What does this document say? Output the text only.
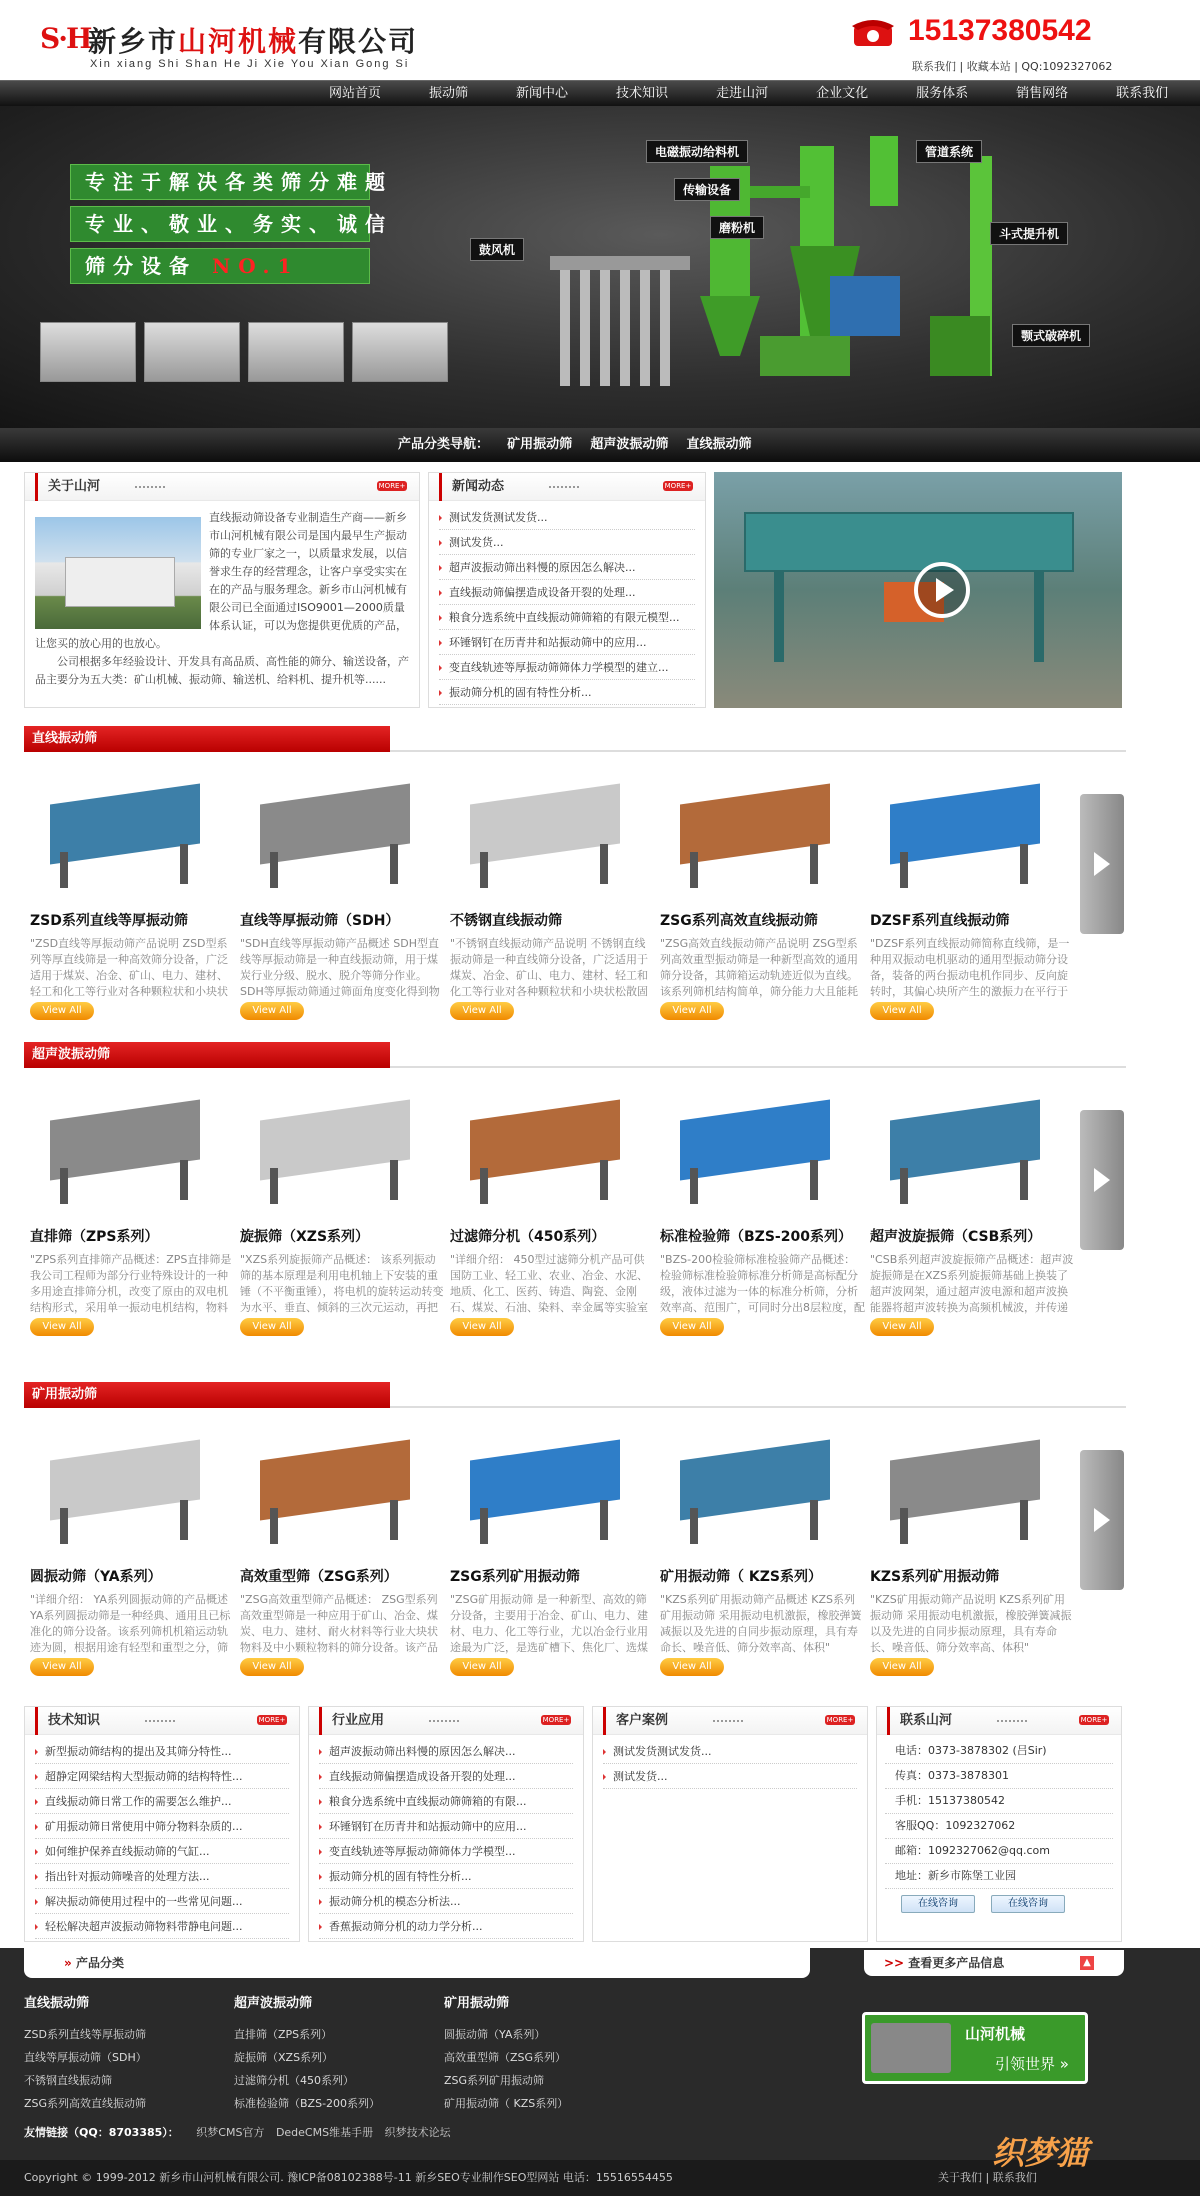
S·H
新乡市山河机械有限公司
Xin xiang Shi Shan He Ji Xie You Xian Gong Si
15137380542
联系我们 | 收藏本站 | QQ:1092327062
网站首页	振动筛	新闻中心	技术知识	走进山河	企业文化	服务体系	销售网络	联系我们
专注于解决各类筛分难题
专业、敬业、务实、诚信
筛分设备 NO.1
电磁振动给料机	管道系统
传输设备
磨粉机
鼓风机
斗式提升机
颚式破碎机
产品分类导航： 矿用振动筛 超声波振动筛 直线振动筛
关于山河	MORE+
直线振动筛设备专业制造生产商——新乡市山河机械有限公司是国内最早生产振动筛的专业厂家之一，以质量求发展，以信誉求生存的经营理念，让客户享受实实在在的产品与服务理念。新乡市山河机械有限公司已全面通过ISO9001—2000质量体系认证，可以为您提供更优质的产品，让您买的放心用的也放心。
公司根据多年经验设计、开发具有高品质、高性能的筛分、输送设备，产品主要分为五大类：矿山机械、振动筛、输送机、给料机、提升机等......
新闻动态	MORE+
测试发货测试发货...
测试发货...
超声波振动筛出料慢的原因怎么解决...
直线振动筛偏摆造成设备开裂的处理...
粮食分选系统中直线振动筛筛箱的有限元模型...
环锤钢钉在历青井和站振动筛中的应用...
变直线轨迹等厚振动筛筛体力学模型的建立...
振动筛分机的固有特性分析...
直线振动筛
超声波振动筛
矿用振动筛
ZSD系列直线等厚振动筛
"ZSD直线等厚振动筛产品说明 ZSD型系列等厚直线筛是一种高效筛分设备，广泛适用于煤炭、冶金、矿山、电力、建材、轻工和化工等行业对各种颗粒状和小块状
View All
直线等厚振动筛（SDH）
"SDH直线等厚振动筛产品概述 SDH型直线等厚振动筛是一种直线振动筛，用于煤炭行业分级、脱水、脱介等筛分作业。SDH等厚振动筛通过筛面角度变化得到物
View All
不锈钢直线振动筛
"不锈钢直线振动筛产品说明 不锈钢直线振动筛是一种直线筛分设备，广泛适用于煤炭、冶金、矿山、电力、建材、轻工和化工等行业对各种颗粒状和小块状松散固
View All
ZSG系列高效直线振动筛
"ZSG高效直线振动筛产品说明 ZSG型系列高效重型振动筛是一种新型高效的通用筛分设备，其筛箱运动轨迹近似为直线。该系列筛机结构简单，筛分能力大且能耗
View All
DZSF系列直线振动筛
"DZSF系列直线振动筛简称直线筛，是一种用双振动电机驱动的通用型振动筛分设备，装备的两台振动电机作同步、反向旋转时，其偏心块所产生的激振力在平行于
View All
直排筛（ZPS系列）
"ZPS系列直排筛产品概述：ZPS直排筛是我公司工程师为部分行业特殊设计的一种多用途直排筛分机，改变了原由的双电机结构形式，采用单一振动电机结构，物料
View All
旋振筛（XZS系列）
"XZS系列旋振筛产品概述： 该系列振动筛的基本原理是利用电机轴上下安装的重锤（不平衡重锤），将电机的旋转运动转变为水平、垂直、倾斜的三次元运动，再把
View All
过滤筛分机（450系列）
"详细介绍： 450型过滤筛分机产品可供国防工业、轻工业、农业、冶金、水泥、地质、化工、医药、铸造、陶瓷、金刚石、煤炭、石油、染料、幸金属等实验室
View All
标准检验筛（BZS-200系列）
"BZS-200检验筛标准检验筛产品概述：检验筛标准检验筛标准分析筛是高标配分级，液体过滤为一体的标准分析筛，分析效率高、范围广，可同时分出8层粒度，配
View All
超声波旋振筛（CSB系列）
"CSB系列超声波旋振筛产品概述：超声波旋振筛是在XZS系列旋振筛基础上换装了超声波网架，通过超声波电源和超声波换能器将超声波转换为高频机械波，并传递
View All
圆振动筛（YA系列）
"详细介绍： YA系列圆振动筛的产品概述 YA系列圆振动筛是一种经典、通用且已标准化的筛分设备。该系列筛机机箱运动轨迹为圆，根据用途有轻型和重型之分，筛
View All
高效重型筛（ZSG系列）
"ZSG高效重型筛产品概述： ZSG型系列高效重型筛是一种应用于矿山、冶金、煤炭、电力、建材、耐火材料等行业大块状物料及中小颗粒物料的筛分设备。该产品
View All
ZSG系列矿用振动筛
"ZSG矿用振动筛 是一种新型、高效的筛分设备，主要用于冶金、矿山、电力、建材、电力、化工等行业，尤以冶金行业用途最为广泛，是选矿槽下、焦化厂、选煤
View All
矿用振动筛（ KZS系列）
"KZS系列矿用振动筛产品概述 KZS系列矿用振动筛 采用振动电机激振，橡胶弹簧减振以及先进的自同步振动原理，具有寿命长、噪音低、筛分效率高、体积"
View All
KZS系列矿用振动筛
"KZS矿用振动筛产品说明 KZS系列矿用振动筛 采用振动电机激振，橡胶弹簧减振以及先进的自同步振动原理，具有寿命长、噪音低、筛分效率高、体积"
View All
技术知识	MORE+
新型振动筛结构的提出及其筛分特性...
超静定网梁结构大型振动筛的结构特性...
直线振动筛日常工作的需要怎么维护...
矿用振动筛日常使用中筛分物料杂质的...
如何维护保养直线振动筛的气缸...
指出针对振动筛噪音的处理方法...
解决振动筛使用过程中的一些常见问题...
轻松解决超声波振动筛物料带静电问题...
行业应用	MORE+
超声波振动筛出料慢的原因怎么解决...
直线振动筛偏摆造成设备开裂的处理...
粮食分选系统中直线振动筛筛箱的有限...
环锤钢钉在历青井和站振动筛中的应用...
变直线轨迹等厚振动筛筛体力学模型...
振动筛分机的固有特性分析...
振动筛分机的模态分析法...
香蕉振动筛分机的动力学分析...
客户案例	MORE+
测试发货测试发货...
测试发货...
联系山河	MORE+

电话：0373-3878302 (吕Sir)

传真：0373-3878301

手机：15137380542

客服QQ：1092327062

邮箱：1092327062@qq.com

地址：新乡市陈堡工业园

在线咨询	在线咨询
» 产品分类	>> 查看更多产品信息	▲
直线振动筛
ZSD系列直线等厚振动筛
直线等厚振动筛（SDH）
不锈钢直线振动筛
ZSG系列高效直线振动筛
超声波振动筛
直排筛（ZPS系列）
旋振筛（XZS系列）
过滤筛分机（450系列）
标准检验筛（BZS-200系列）
矿用振动筛
圆振动筛（YA系列）
高效重型筛（ZSG系列）
ZSG系列矿用振动筛
矿用振动筛（ KZS系列）
山河机械
引领世界 »
友情链接（QQ：8703385）： 织梦CMS官方 DedeCMS维基手册 织梦技术论坛
Copyright © 1999-2012 新乡市山河机械有限公司. 豫ICP备08102388号-11 新乡SEO专业制作SEO型网站 电话：15516554455	关于我们 | 联系我们
织梦猫
